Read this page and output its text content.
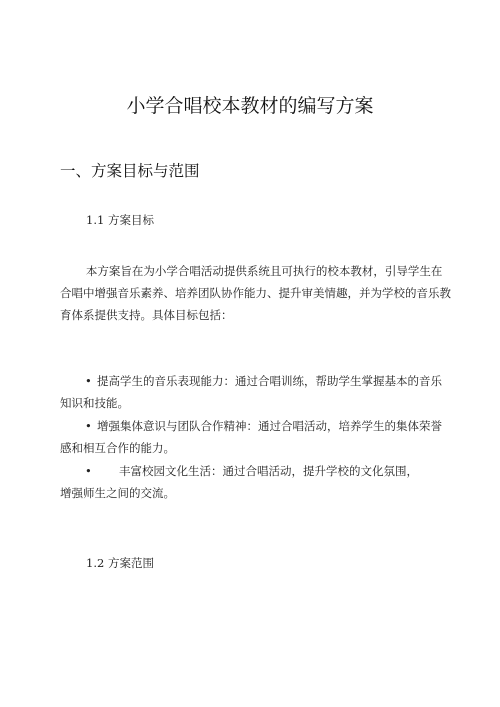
小学合唱校本教材的编写方案
一、方案目标与范围
1.1 方案目标

本方案旨在为小学合唱活动提供系统且可执行的校本教材，引导学生在合唱中增强音乐素养、培养团队协作能力、提升审美情趣，并为学校的音乐教育体系提供支持。具体目标包括：

• 提高学生的音乐表现能力：通过合唱训练，帮助学生掌握基本的音乐知识和技能。
• 增强集体意识与团队合作精神：通过合唱活动，培养学生的集体荣誉感和相互合作的能力。
• 丰富校园文化生活：通过合唱活动，提升学校的文化氛围，
增强师生之间的交流。
1.2 方案范围
